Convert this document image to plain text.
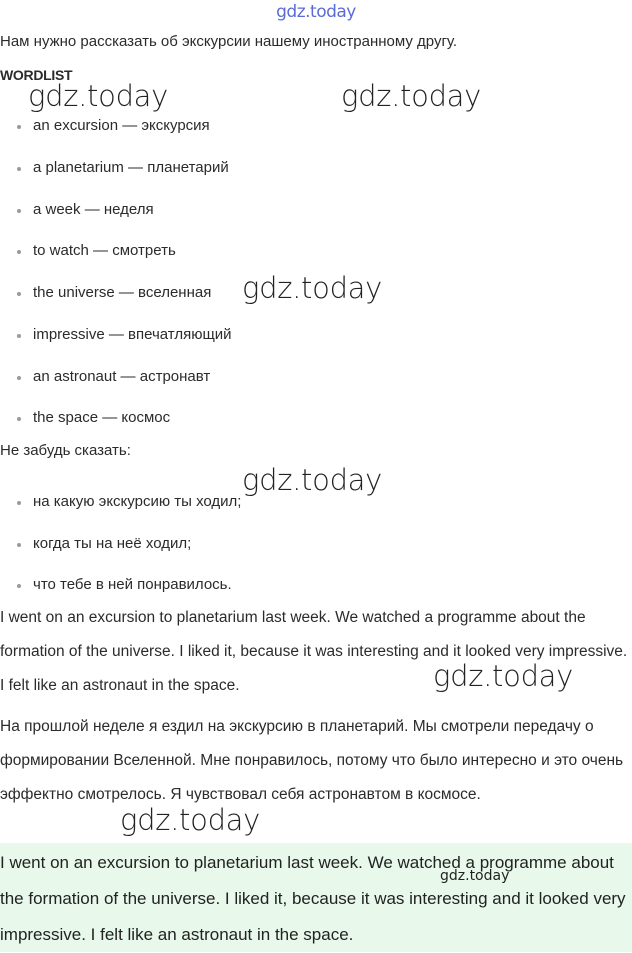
gdz.today
Нам нужно рассказать об экскурсии нашему иностранному другу.
WORDLIST
an excursion — экскурсия
a planetarium — планетарий
a week — неделя
to watch — смотреть
the universe — вселенная
impressive — впечатляющий
an astronaut — астронавт
the space — космос
Не забудь сказать:
на какую экскурсию ты ходил;
когда ты на неё ходил;
что тебе в ней понравилось.

I went on an excursion to planetarium last week. We watched a programme about the formation of the universe. I liked it, because it was interesting and it looked very impressive. I felt like an astronaut in the space.

На прошлой неделе я ездил на экскурсию в планетарий. Мы смотрели передачу о формировании Вселенной. Мне понравилось, потому что было интересно и это очень эффектно смотрелось. Я чувствовал себя астронавтом в космосе.

I went on an excursion to planetarium last week. We watched a programme about the formation of the universe. I liked it, because it was interesting and it looked very impressive. I felt like an astronaut in the space.

gdz.today	gdz.today
gdz.today
gdz.today
gdz.today
gdz.today
gdz.today
